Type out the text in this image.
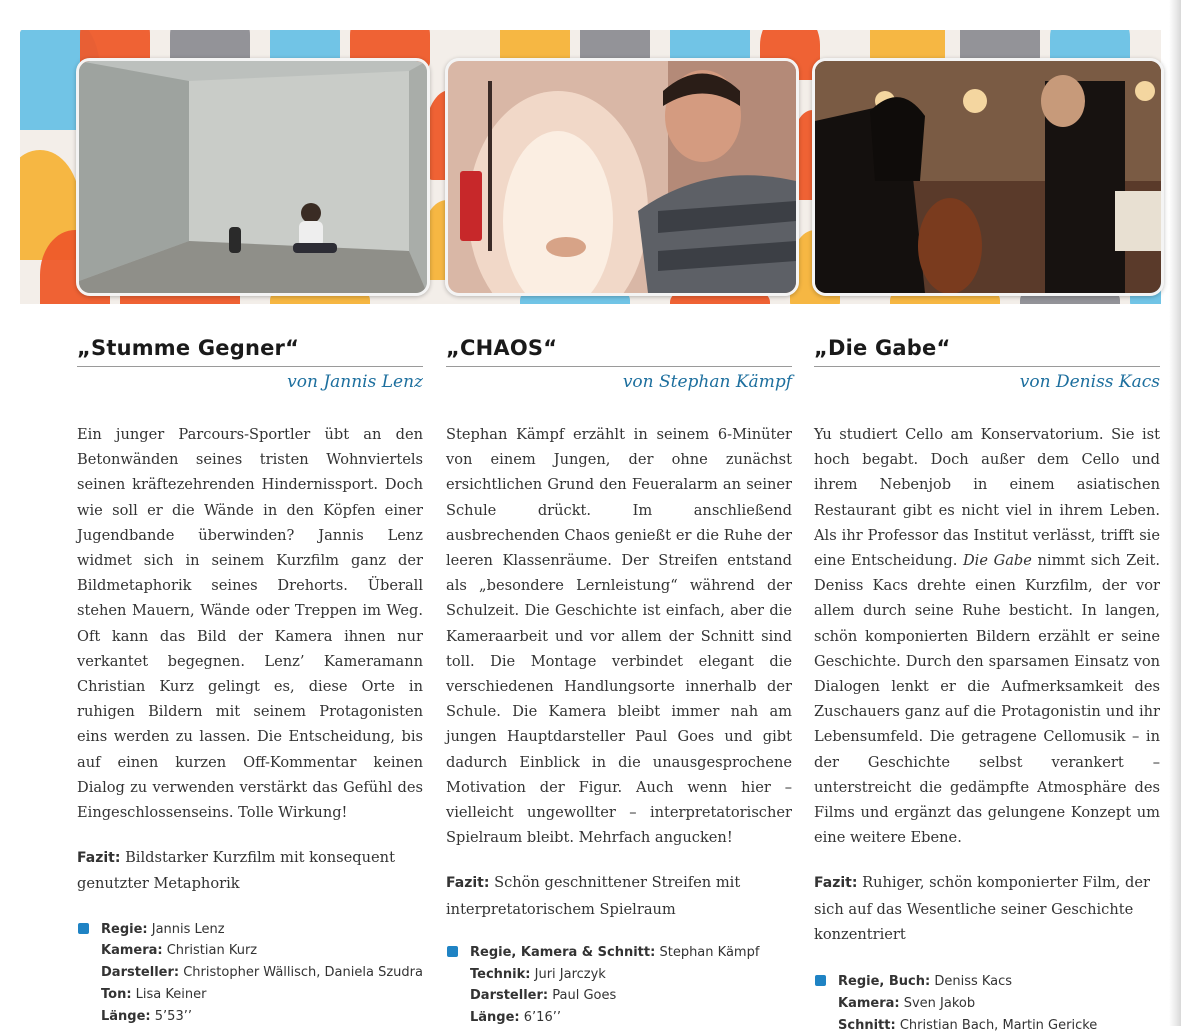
„Stumme Gegner“
von Jannis Lenz
Ein junger Parcours-Sportler übt an den Betonwänden seines tristen Wohnviertels seinen kräftezehrenden Hindernissport. Doch wie soll er die Wände in den Köpfen einer Jugendbande überwinden? Jannis Lenz widmet sich in seinem Kurzfilm ganz der Bildmetaphorik seines Drehorts. Überall stehen Mauern, Wände oder Treppen im Weg. Oft kann das Bild der Kamera ihnen nur verkantet begegnen. Lenz’ Kameramann Christian Kurz gelingt es, diese Orte in ruhigen Bildern mit seinem Protagonisten eins werden zu lassen. Die Entscheidung, bis auf einen kurzen Off-Kommentar keinen Dialog zu verwenden verstärkt das Gefühl des Eingeschlossenseins. Tolle Wirkung!
Fazit: Bildstarker Kurzfilm mit konsequent genutzter Metaphorik
Regie: Jannis Lenz
Kamera: Christian Kurz
Darsteller: Christopher Wällisch, Daniela Szudra
Ton: Lisa Keiner
Länge: 5’53’’
„CHAOS“
von Stephan Kämpf
Stephan Kämpf erzählt in seinem 6-Minüter von einem Jungen, der ohne zunächst ersichtlichen Grund den Feueralarm an seiner Schule drückt. Im anschließend ausbrechenden Chaos genießt er die Ruhe der leeren Klassenräume. Der Streifen entstand als „besondere Lernleistung“ während der Schulzeit. Die Geschichte ist einfach, aber die Kameraarbeit und vor allem der Schnitt sind toll. Die Montage verbindet elegant die verschiedenen Handlungsorte innerhalb der Schule. Die Kamera bleibt immer nah am jungen Hauptdarsteller Paul Goes und gibt dadurch Einblick in die unausgesprochene Motivation der Figur. Auch wenn hier – vielleicht ungewollter – interpretatorischer Spielraum bleibt. Mehrfach angucken!
Fazit: Schön geschnittener Streifen mit interpretatorischem Spielraum
Regie, Kamera & Schnitt: Stephan Kämpf
Technik: Juri Jarczyk
Darsteller: Paul Goes
Länge: 6’16’’
„Die Gabe“
von Deniss Kacs
Yu studiert Cello am Konservatorium. Sie ist hoch begabt. Doch außer dem Cello und ihrem Nebenjob in einem asiatischen Restaurant gibt es nicht viel in ihrem Leben. Als ihr Professor das Institut verlässt, trifft sie eine Entscheidung. Die Gabe nimmt sich Zeit. Deniss Kacs drehte einen Kurzfilm, der vor allem durch seine Ruhe besticht. In langen, schön komponierten Bildern erzählt er seine Geschichte. Durch den sparsamen Einsatz von Dialogen lenkt er die Aufmerksamkeit des Zuschauers ganz auf die Protagonistin und ihr Lebensumfeld. Die getragene Cellomusik – in der Geschichte selbst verankert – unterstreicht die gedämpfte Atmosphäre des Films und ergänzt das gelungene Konzept um eine weitere Ebene.
Fazit: Ruhiger, schön komponierter Film, der sich auf das Wesentliche seiner Geschichte konzentriert
Regie, Buch: Deniss Kacs
Kamera: Sven Jakob
Schnitt: Christian Bach, Martin Gericke
